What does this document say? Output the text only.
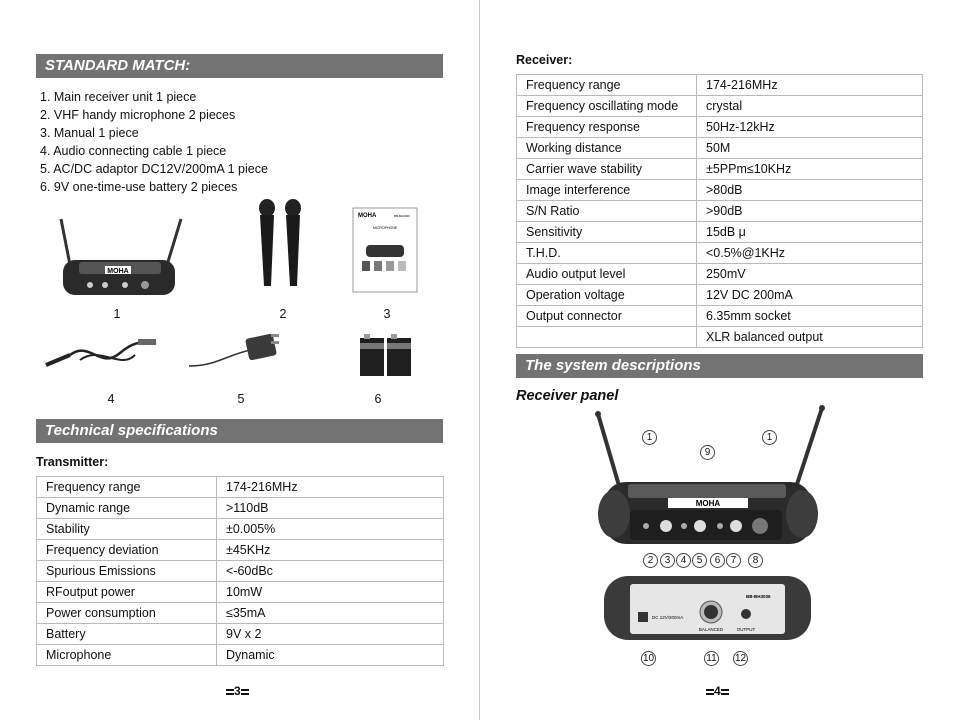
STANDARD MATCH:
1. Main receiver unit 1 piece
2. VHF handy microphone 2 pieces
3. Manual 1 piece
4. Audio connecting cable 1 piece
5. AC/DC adaptor DC12V/200mA 1 piece
6. 9V one-time-use battery 2 pieces
MOHA
MOHA	BB-BH3036
MICROPHONE
1	2	3
4	5	6
Technical specifications
Transmitter:
Frequency range	174-216MHz
Dynamic range	>110dB
Stability	±0.005%
Frequency deviation	±45KHz
Spurious Emissions	<-60dBc
RFoutput power	10mW
Power consumption	≤35mA
Battery	9V x 2
Microphone	Dynamic
3
Receiver:
Frequency range	174-216MHz
Frequency oscillating mode	crystal
Frequency response	50Hz-12kHz
Working distance	50M
Carrier wave stability	±5PPm≤10KHz
Image interference	>80dB
S/N Ratio	>90dB
Sensitivity	15dB μ
T.H.D.	<0.5%@1KHz
Audio output level	250mV
Operation voltage	12V DC 200mA
Output connector	6.35mm socket
	XLR balanced output
The system descriptions
Receiver panel
MOHA
1	1
9
2	3	4	5	6	7	8
DC 12V/200mA
BB-BH3036
BALANCED	OUTPUT
10	11 12
4
